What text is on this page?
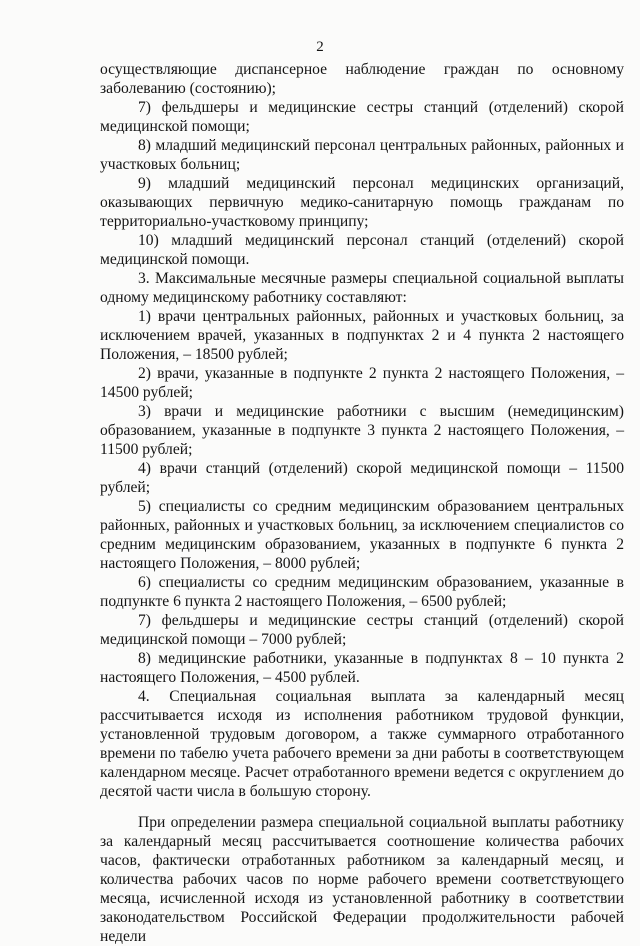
2

осуществляющие диспансерное наблюдение граждан по основному заболеванию (состоянию);

7) фельдшеры и медицинские сестры станций (отделений) скорой медицинской помощи;

8) младший медицинский персонал центральных районных, районных и участковых больниц;

9) младший медицинский персонал медицинских организаций, оказывающих первичную медико-санитарную помощь гражданам по территориально-участковому принципу;

10) младший медицинский персонал станций (отделений) скорой медицинской помощи.

3. Максимальные месячные размеры специальной социальной выплаты одному медицинскому работнику составляют:

1) врачи центральных районных, районных и участковых больниц, за исключением врачей, указанных в подпунктах 2 и 4 пункта 2 настоящего Положения, – 18500 рублей;

2) врачи, указанные в подпункте 2 пункта 2 настоящего Положения, – 14500 рублей;

3) врачи и медицинские работники с высшим (немедицинским) образованием, указанные в подпункте 3 пункта 2 настоящего Положения, – 11500 рублей;

4) врачи станций (отделений) скорой медицинской помощи – 11500 рублей;

5) специалисты со средним медицинским образованием центральных районных, районных и участковых больниц, за исключением специалистов со средним медицинским образованием, указанных в подпункте 6 пункта 2 настоящего Положения, – 8000 рублей;

6) специалисты со средним медицинским образованием, указанные в подпункте 6 пункта 2 настоящего Положения, – 6500 рублей;

7) фельдшеры и медицинские сестры станций (отделений) скорой медицинской помощи – 7000 рублей;

8) медицинские работники, указанные в подпунктах 8 – 10 пункта 2 настоящего Положения, – 4500 рублей.

4. Специальная социальная выплата за календарный месяц рассчитывается исходя из исполнения работником трудовой функции, установленной трудовым договором, а также суммарного отработанного времени по табелю учета рабочего времени за дни работы в соответствующем календарном месяце. Расчет отработанного времени ведется с округлением до десятой части числа в большую сторону.

При определении размера специальной социальной выплаты работнику за календарный месяц рассчитывается соотношение количества рабочих часов, фактически отработанных работником за календарный месяц, и количества рабочих часов по норме рабочего времени соответствующего месяца, исчисленной исходя из установленной работнику в соответствии законодательством Российской Федерации продолжительности рабочей недели
